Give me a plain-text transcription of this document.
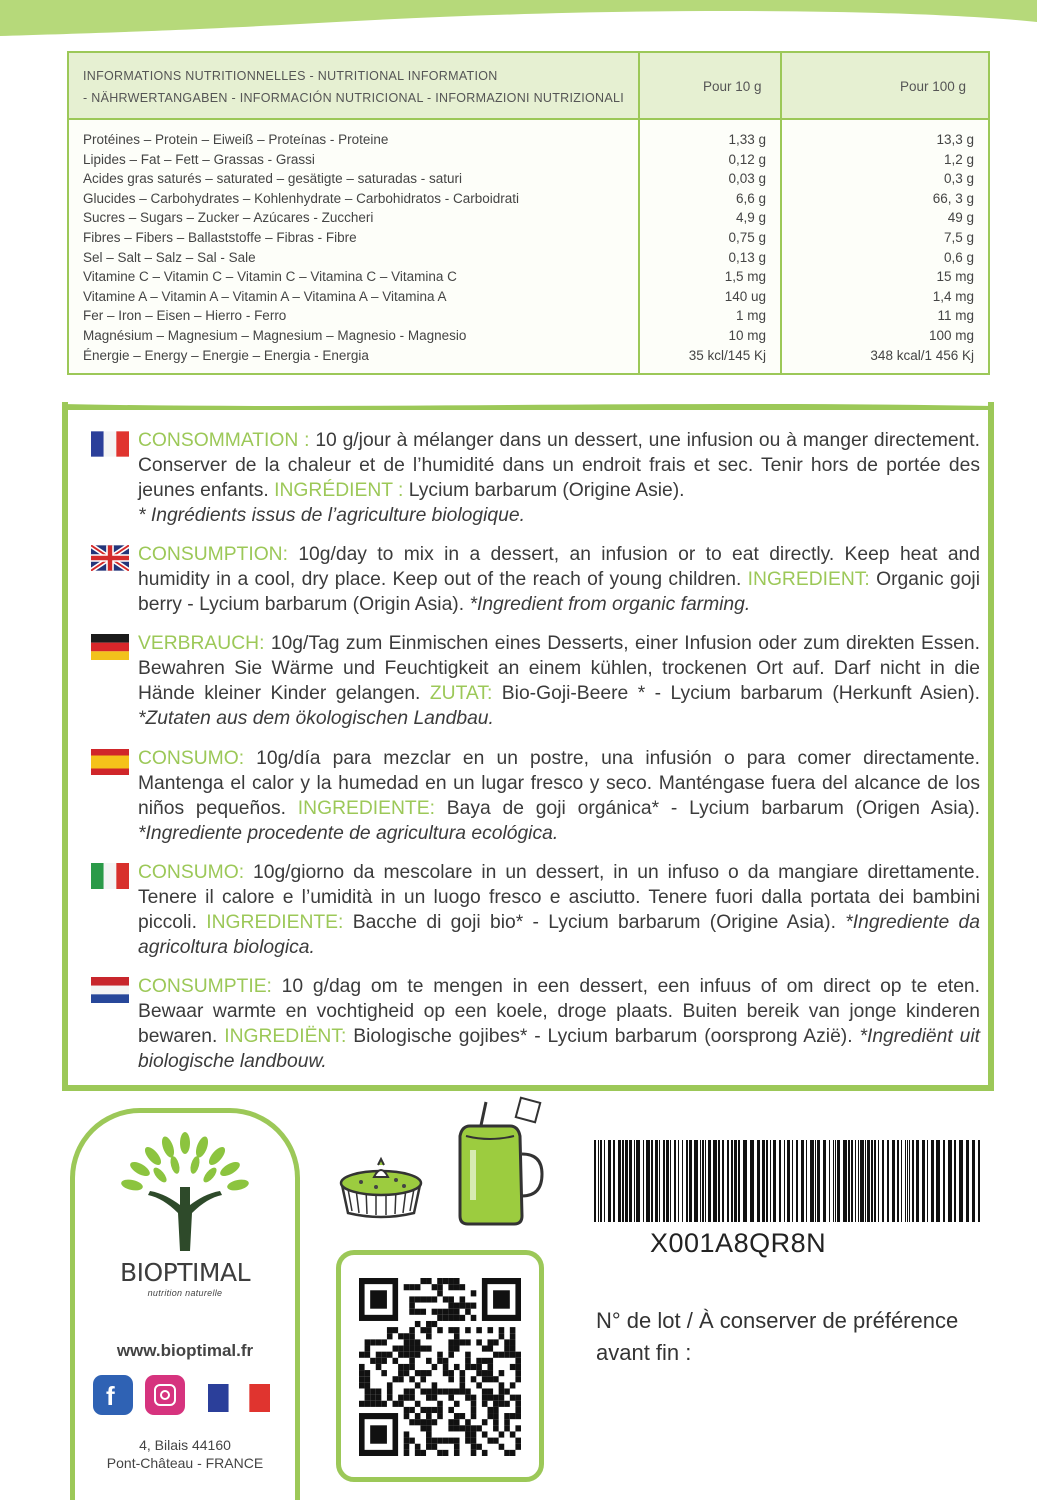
INFORMATIONS NUTRITIONNELLES - NUTRITIONAL INFORMATION
- NÄHRWERTANGABEN - INFORMACIÓN NUTRICIONAL - INFORMAZIONI NUTRIZIONALI
Pour 10 g	Pour 100 g
Protéines – Protein – Eiweiß – Proteínas - Proteine	1,33 g	13,3 g
Lipides – Fat – Fett – Grassas - Grassi	0,12 g	1,2 g
Acides gras saturés – saturated – gesätigte – saturadas - saturi	0,03 g	0,3 g
Glucides – Carbohydrates – Kohlenhydrate – Carbohidratos - Carboidrati	6,6 g	66, 3 g
Sucres – Sugars – Zucker – Azúcares - Zuccheri	4,9 g	49 g
Fibres – Fibers – Ballaststoffe – Fibras - Fibre	0,75 g	7,5 g
Sel – Salt – Salz – Sal - Sale	0,13 g	0,6 g
Vitamine C – Vitamin C – Vitamin C – Vitamina C – Vitamina C	1,5 mg	15 mg
Vitamine A – Vitamin A – Vitamin A – Vitamina A – Vitamina A	140 ug	1,4 mg
Fer – Iron – Eisen – Hierro - Ferro	1 mg	11 mg
Magnésium – Magnesium – Magnesium – Magnesio - Magnesio	10 mg	100 mg
Énergie – Energy – Energie – Energia - Energia	35 kcl/145 Kj	348 kcal/1 456 Kj

CONSOMMATION : 10 g/jour à mélanger dans un dessert, une infusion ou à manger directement. Conserver de la chaleur et de l’humidité dans un endroit frais et sec. Tenir hors de portée des jeunes enfants. INGRÉDIENT : Lycium barbarum (Origine Asie).
* Ingrédients issus de l’agriculture biologique.

CONSUMPTION: 10g/day to mix in a dessert, an infusion or to eat directly. Keep heat and humidity in a cool, dry place. Keep out of the reach of young children. INGREDIENT: Organic goji berry - Lycium barbarum (Origin Asia). *Ingredient from organic farming.

VERBRAUCH: 10g/Tag zum Einmischen eines Desserts, einer Infusion oder zum direkten Essen. Bewahren Sie Wärme und Feuchtigkeit an einem kühlen, trockenen Ort auf. Darf nicht in die Hände kleiner Kinder gelangen. ZUTAT: Bio-Goji-Beere * - Lycium barbarum (Herkunft Asien). *Zutaten aus dem ökologischen Landbau.

CONSUMO: 10g/día para mezclar en un postre, una infusión o para comer directamente. Mantenga el calor y la humedad en un lugar fresco y seco. Manténgase fuera del alcance de los niños pequeños. INGREDIENTE: Baya de goji orgánica* - Lycium barbarum (Origen Asia). *Ingrediente procedente de agricultura ecológica.

CONSUMO: 10g/giorno da mescolare in un dessert, in un infuso o da mangiare direttamente. Tenere il calore e l’umidità in un luogo fresco e asciutto. Tenere fuori dalla portata dei bambini piccoli. INGREDIENTE: Bacche di goji bio* - Lycium barbarum (Origine Asia). *Ingrediente da agricoltura biologica.

CONSUMPTIE: 10 g/dag om te mengen in een dessert, een infuus of om direct op te eten. Bewaar warmte en vochtigheid op een koele, droge plaats. Buiten bereik van jonge kinderen bewaren. INGREDIËNT: Biologische gojibes* - Lycium barbarum (oorsprong Azië). *Ingrediënt uit biologische landbouw.

BIOPTIMAL
nutrition naturelle
www.bioptimal.fr
f
4, Bilais 44160
Pont-Château - FRANCE
X001A8QR8N
N° de lot / À conserver de préférence
avant fin :
